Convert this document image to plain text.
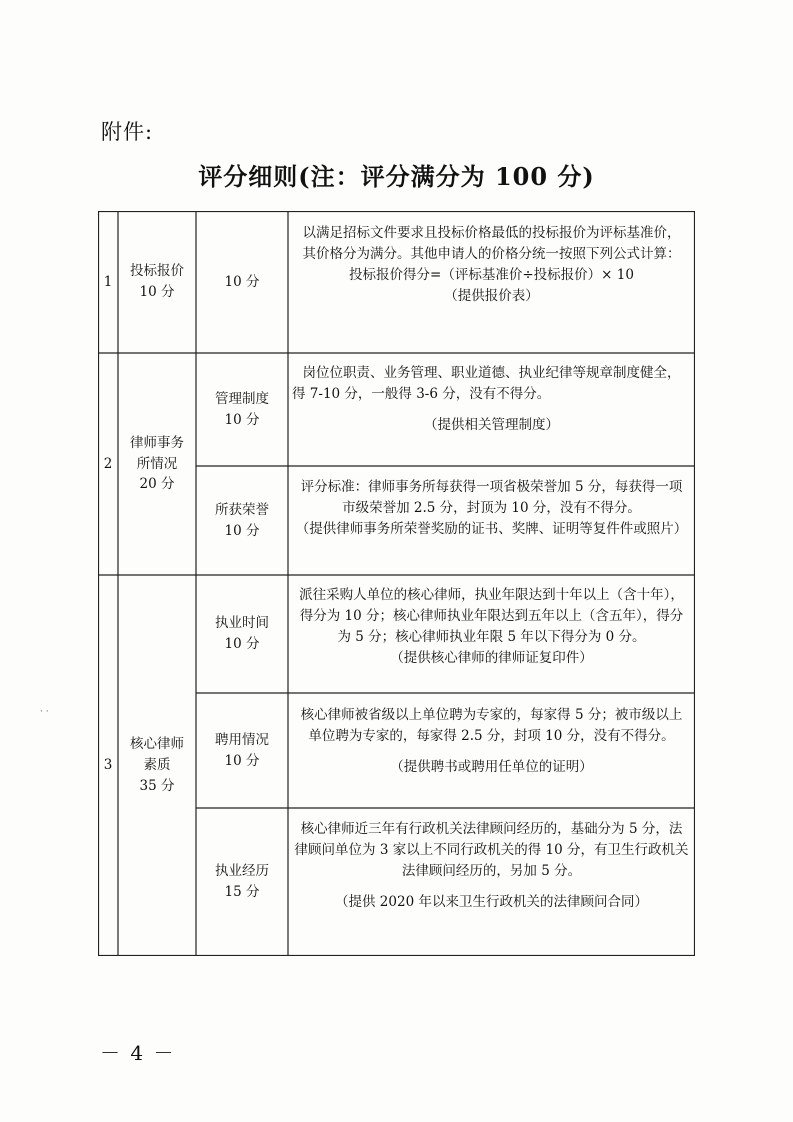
附件:
评分细则(注：评分满分为 100 分)

1

投标报价

10 分

10 分

以满足招标文件要求且投标价格最低的投标报价为评标基准价，

其价格分为满分。其他申请人的价格分统一按照下列公式计算：

投标报价得分=（评标基准价÷投标报价）× 10

（提供报价表）

2

律师事务

所情况

20 分

管理制度

10 分

岗位位职责、业务管理、职业道德、执业纪律等规章制度健全，

得 7-10 分，一般得 3-6 分，没有不得分。

（提供相关管理制度）

所获荣誉

10 分

评分标准：律师事务所每获得一项省极荣誉加 5 分，每获得一项

市级荣誉加 2.5 分，封顶为 10 分，没有不得分。

（提供律师事务所荣誉奖励的证书、奖牌、证明等复件件或照片）

3

核心律师

素质

35 分

执业时间

10 分

派往采购人单位的核心律师，执业年限达到十年以上（含十年），

得分为 10 分；核心律师执业年限达到五年以上（含五年），得分

为 5 分；核心律师执业年限 5 年以下得分为 0 分。

（提供核心律师的律师证复印件）

聘用情况

10 分

核心律师被省级以上单位聘为专家的，每家得 5 分；被市级以上

单位聘为专家的，每家得 2.5 分，封项 10 分，没有不得分。

（提供聘书或聘用任单位的证明）

执业经历

15 分

核心律师近三年有行政机关法律顾问经历的，基础分为 5 分，法

律顾问单位为 3 家以上不同行政机关的得 10 分，有卫生行政机关

法律顾问经历的，另加 5 分。

（提供 2020 年以来卫生行政机关的法律顾问合同）

· ·
－ 4 －
